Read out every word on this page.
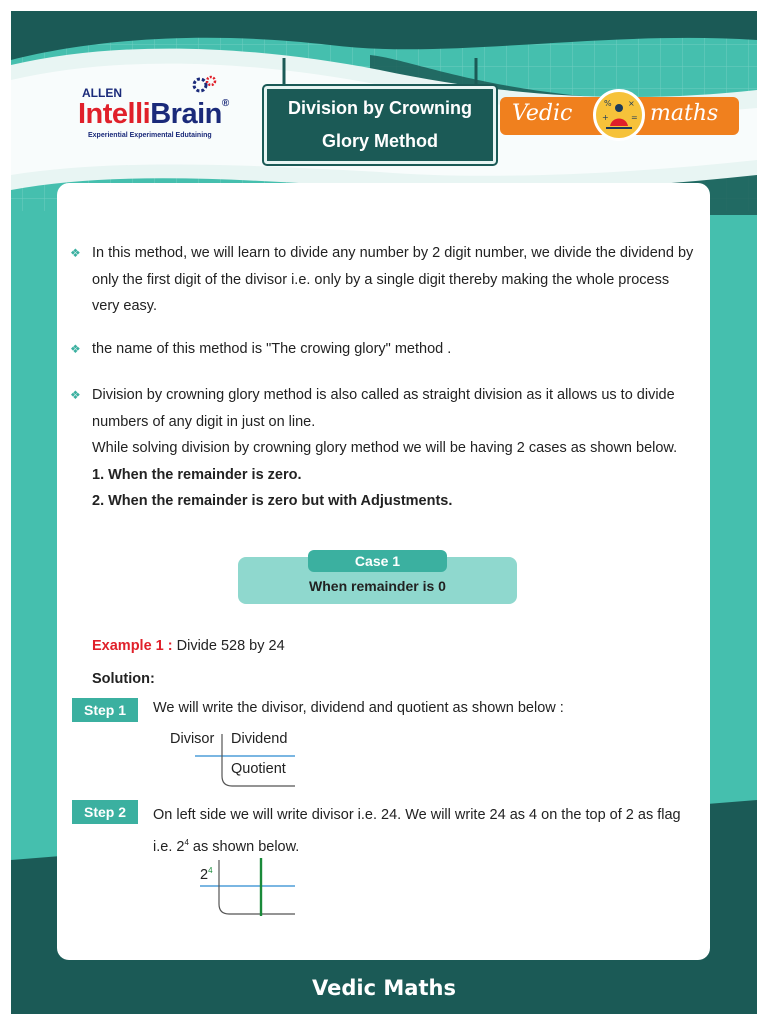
ALLEN
IntelliBrain®
Experiential Experimental Edutaining
Division by Crowning Glory Method
Vedic	% ×
+	= maths

❖ In this method, we will learn to divide any number by 2 digit number, we divide the dividend by only the first digit of the divisor i.e. only by a single digit thereby making the whole process very easy.

❖ the name of this method is "The crowing glory" method .

❖ Division by crowning glory method is also called as straight division as it allows us to divide numbers of any digit in just on line.

While solving division by crowning glory method we will be having 2 cases as shown below.

1. When the remainder is zero.

2. When the remainder is zero but with Adjustments.

Case 1
When remainder is 0
Example 1 : Divide 528 by 24
Solution:
Step 1	We will write the divisor, dividend and quotient as shown below :
Divisor Dividend
Quotient
Step 2	On left side we will write divisor i.e. 24. We will write 24 as 4 on the top of 2 as flag i.e. $2^4$ as shown below.
$2^4$
Vedic Maths
